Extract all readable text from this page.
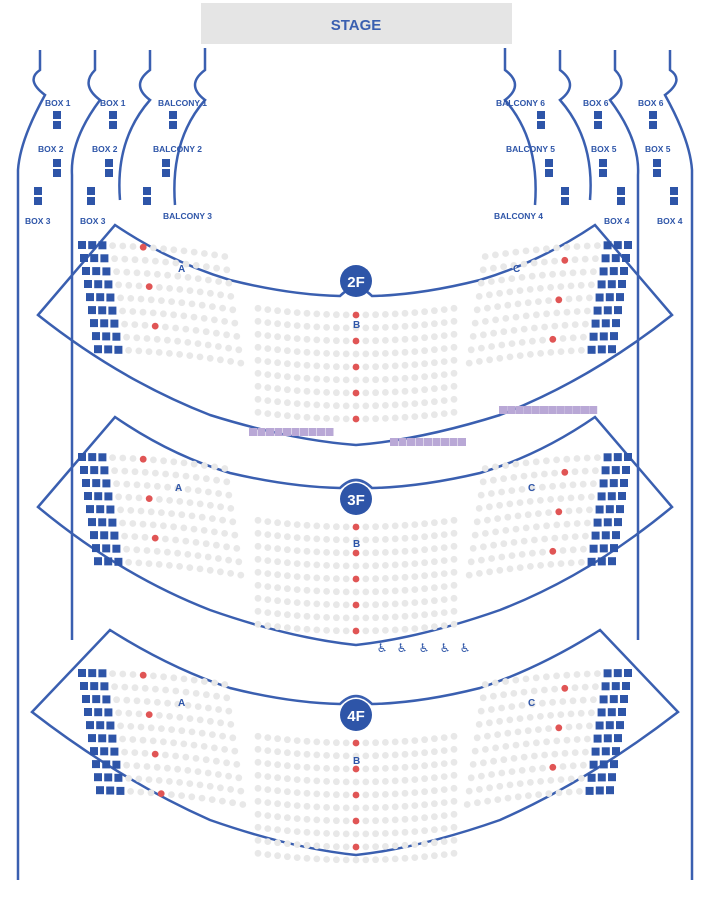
STAGE
BOX 1	BOX 1	BALCONY 1
BOX 2	BOX 2	BALCONY 2
BOX 3	BOX 3	BALCONY 3
BALCONY 6	BOX 6	BOX 6
BALCONY 5	BOX 5	BOX 5
BALCONY 4	BOX 4	BOX 4
♿ ♿ ♿ ♿ ♿
2F
A
B
C
3F
A
B
C
4F
A
B
C
